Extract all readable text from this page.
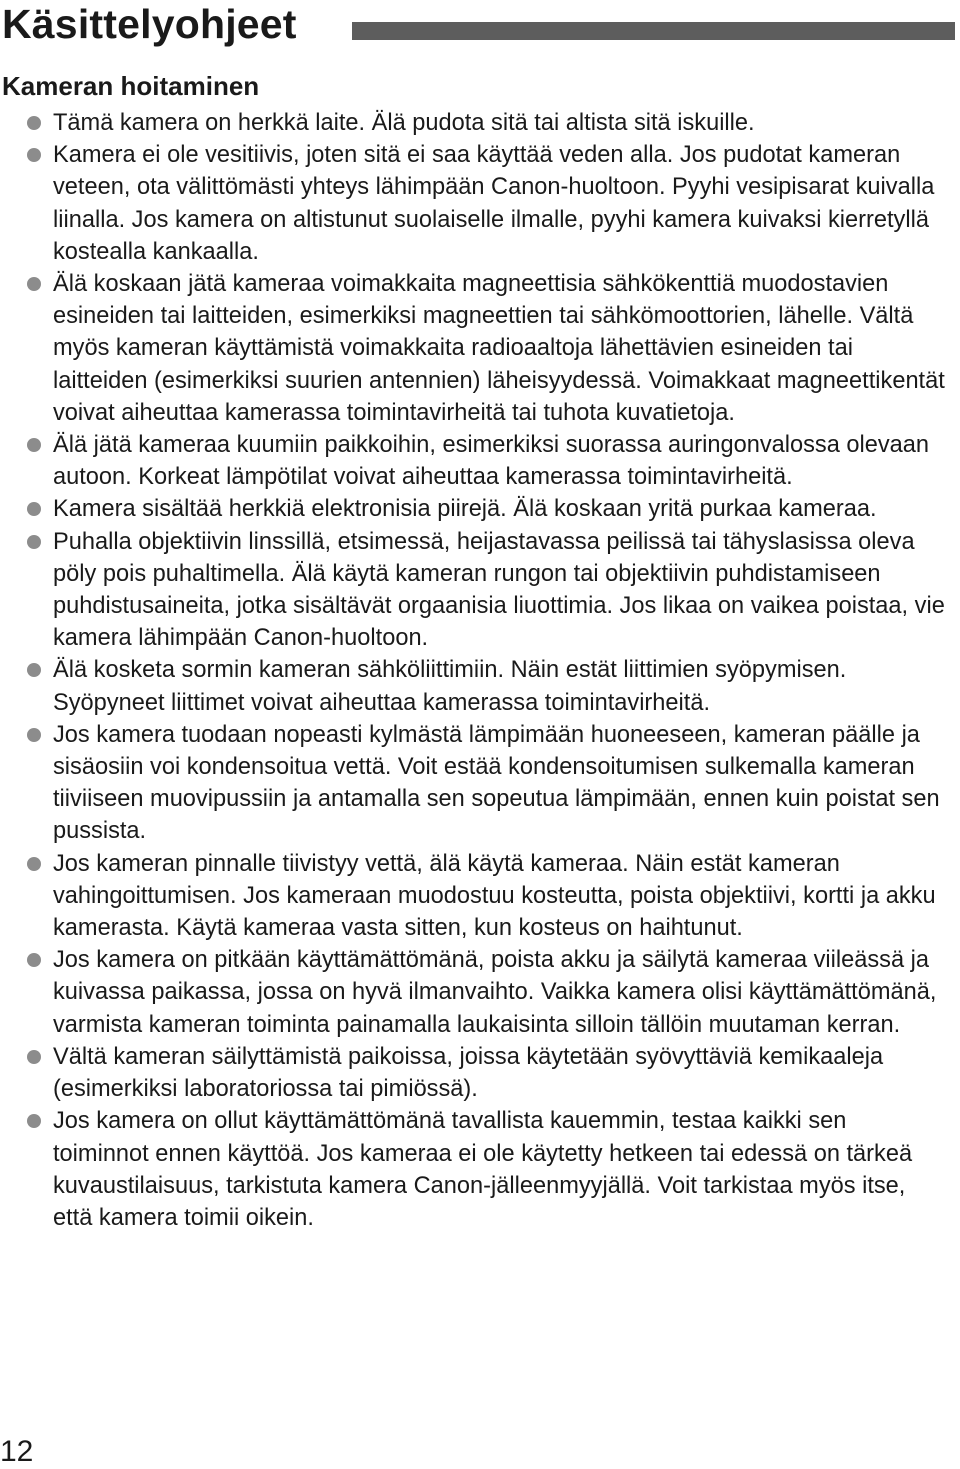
Käsittelyohjeet
Kameran hoitaminen
Tämä kamera on herkkä laite. Älä pudota sitä tai altista sitä iskuille.
Kamera ei ole vesitiivis, joten sitä ei saa käyttää veden alla. Jos pudotat kameran veteen, ota välittömästi yhteys lähimpään Canon-huoltoon. Pyyhi vesipisarat kuivalla liinalla. Jos kamera on altistunut suolaiselle ilmalle, pyyhi kamera kuivaksi kierretyllä kostealla kankaalla.
Älä koskaan jätä kameraa voimakkaita magneettisia sähkökenttiä muodostavien esineiden tai laitteiden, esimerkiksi magneettien tai sähkömoottorien, lähelle. Vältä myös kameran käyttämistä voimakkaita radioaaltoja lähettävien esineiden tai laitteiden (esimerkiksi suurien antennien) läheisyydessä. Voimakkaat magneettikentät voivat aiheuttaa kamerassa toimintavirheitä tai tuhota kuvatietoja.
Älä jätä kameraa kuumiin paikkoihin, esimerkiksi suorassa auringonvalossa olevaan autoon. Korkeat lämpötilat voivat aiheuttaa kamerassa toimintavirheitä.
Kamera sisältää herkkiä elektronisia piirejä. Älä koskaan yritä purkaa kameraa.
Puhalla objektiivin linssillä, etsimessä, heijastavassa peilissä tai tähyslasissa oleva pöly pois puhaltimella. Älä käytä kameran rungon tai objektiivin puhdistamiseen puhdistusaineita, jotka sisältävät orgaanisia liuottimia. Jos likaa on vaikea poistaa, vie kamera lähimpään Canon-huoltoon.
Älä kosketa sormin kameran sähköliittimiin. Näin estät liittimien syöpymisen. Syöpyneet liittimet voivat aiheuttaa kamerassa toimintavirheitä.
Jos kamera tuodaan nopeasti kylmästä lämpimään huoneeseen, kameran päälle ja sisäosiin voi kondensoitua vettä. Voit estää kondensoitumisen sulkemalla kameran tiiviiseen muovipussiin ja antamalla sen sopeutua lämpimään, ennen kuin poistat sen pussista.
Jos kameran pinnalle tiivistyy vettä, älä käytä kameraa. Näin estät kameran vahingoittumisen. Jos kameraan muodostuu kosteutta, poista objektiivi, kortti ja akku kamerasta. Käytä kameraa vasta sitten, kun kosteus on haihtunut.
Jos kamera on pitkään käyttämättömänä, poista akku ja säilytä kameraa viileässä ja kuivassa paikassa, jossa on hyvä ilmanvaihto. Vaikka kamera olisi käyttämättömänä, varmista kameran toiminta painamalla laukaisinta silloin tällöin muutaman kerran.
Vältä kameran säilyttämistä paikoissa, joissa käytetään syövyttäviä kemikaaleja (esimerkiksi laboratoriossa tai pimiössä).
Jos kamera on ollut käyttämättömänä tavallista kauemmin, testaa kaikki sen toiminnot ennen käyttöä. Jos kameraa ei ole käytetty hetkeen tai edessä on tärkeä kuvaustilaisuus, tarkistuta kamera Canon-jälleenmyyjällä. Voit tarkistaa myös itse, että kamera toimii oikein.
12
